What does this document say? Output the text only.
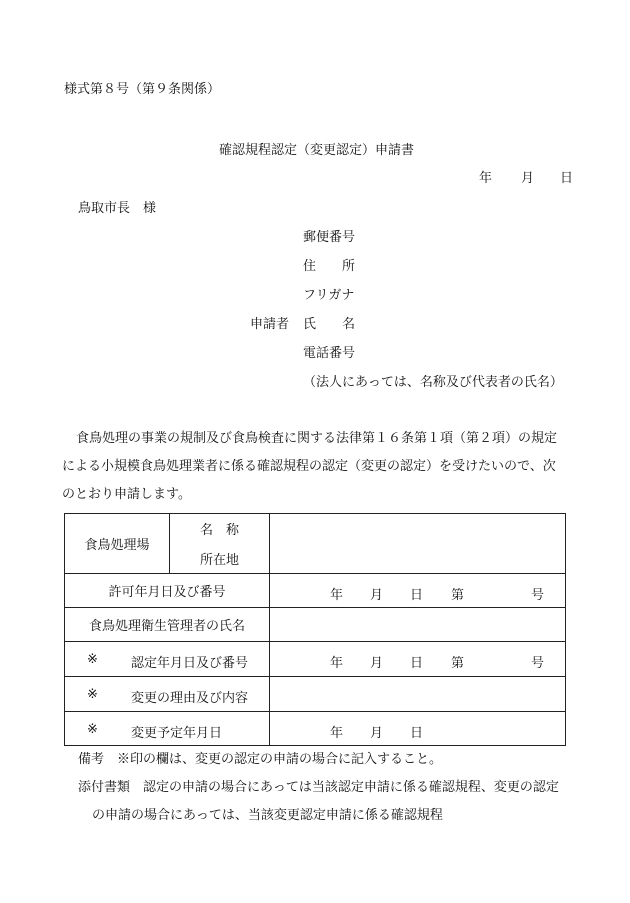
様式第８号（第９条関係）
確認規程認定（変更認定）申請書
年 月 日
鳥取市長　様
郵便番号
住　　所
フリガナ
申請者 氏　　名
電話番号
（法人にあっては、名称及び代表者の氏名）
食鳥処理の事業の規制及び食鳥検査に関する法律第１６条第１項（第２項）の規定
による小規模食鳥処理業者に係る確認規程の認定（変更の認定）を受けたいので、次
のとおり申請します。
食鳥処理場	名　称	
	所在地	
許可年月日及び番号		年 月 日 第 号

食鳥処理衛生管理者の氏名		

※ 認定年月日及び番号		年 月 日 第 号

※ 変更の理由及び内容		

※ 変更予定年月日		年 月 日
備考　※印の欄は、変更の認定の申請の場合に記入すること。
添付書類　認定の申請の場合にあっては当該認定申請に係る確認規程、変更の認定
の申請の場合にあっては、当該変更認定申請に係る確認規程
